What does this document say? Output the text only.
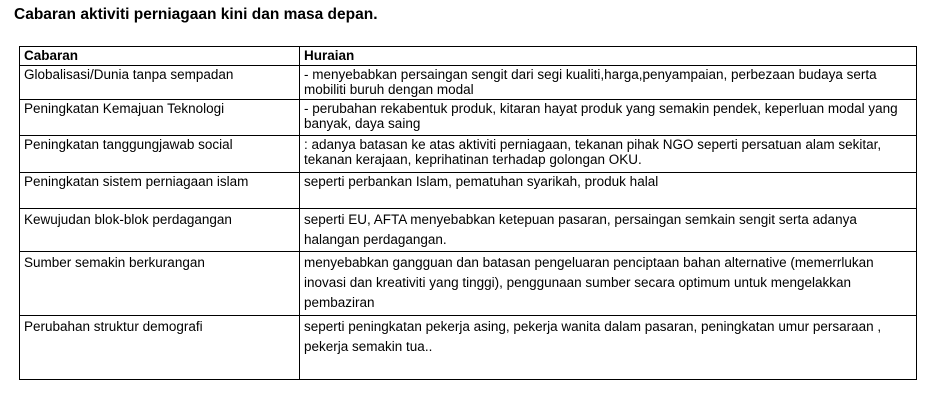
Cabaran aktiviti perniagaan kini dan masa depan.
Cabaran	Huraian
Globalisasi/Dunia tanpa sempadan	- menyebabkan persaingan sengit dari segi kualiti,harga,penyampaian, perbezaan budaya serta mobiliti buruh dengan modal
Peningkatan Kemajuan Teknologi	- perubahan rekabentuk produk, kitaran hayat produk yang semakin pendek, keperluan modal yang banyak, daya saing
Peningkatan tanggungjawab social	: adanya batasan ke atas aktiviti perniagaan, tekanan pihak NGO seperti persatuan alam sekitar, tekanan kerajaan, keprihatinan terhadap golongan OKU.
Peningkatan sistem perniagaan islam	seperti perbankan Islam, pematuhan syarikah, produk halal
Kewujudan blok-blok perdagangan	seperti EU, AFTA menyebabkan ketepuan pasaran, persaingan semkain sengit serta adanya halangan perdagangan.
Sumber semakin berkurangan	menyebabkan gangguan dan batasan pengeluaran penciptaan bahan alternative (memerrlukan inovasi dan kreativiti yang tinggi), penggunaan sumber secara optimum untuk mengelakkan pembaziran
Perubahan struktur demografi	seperti peningkatan pekerja asing, pekerja wanita dalam pasaran, peningkatan umur persaraan , pekerja semakin tua..
